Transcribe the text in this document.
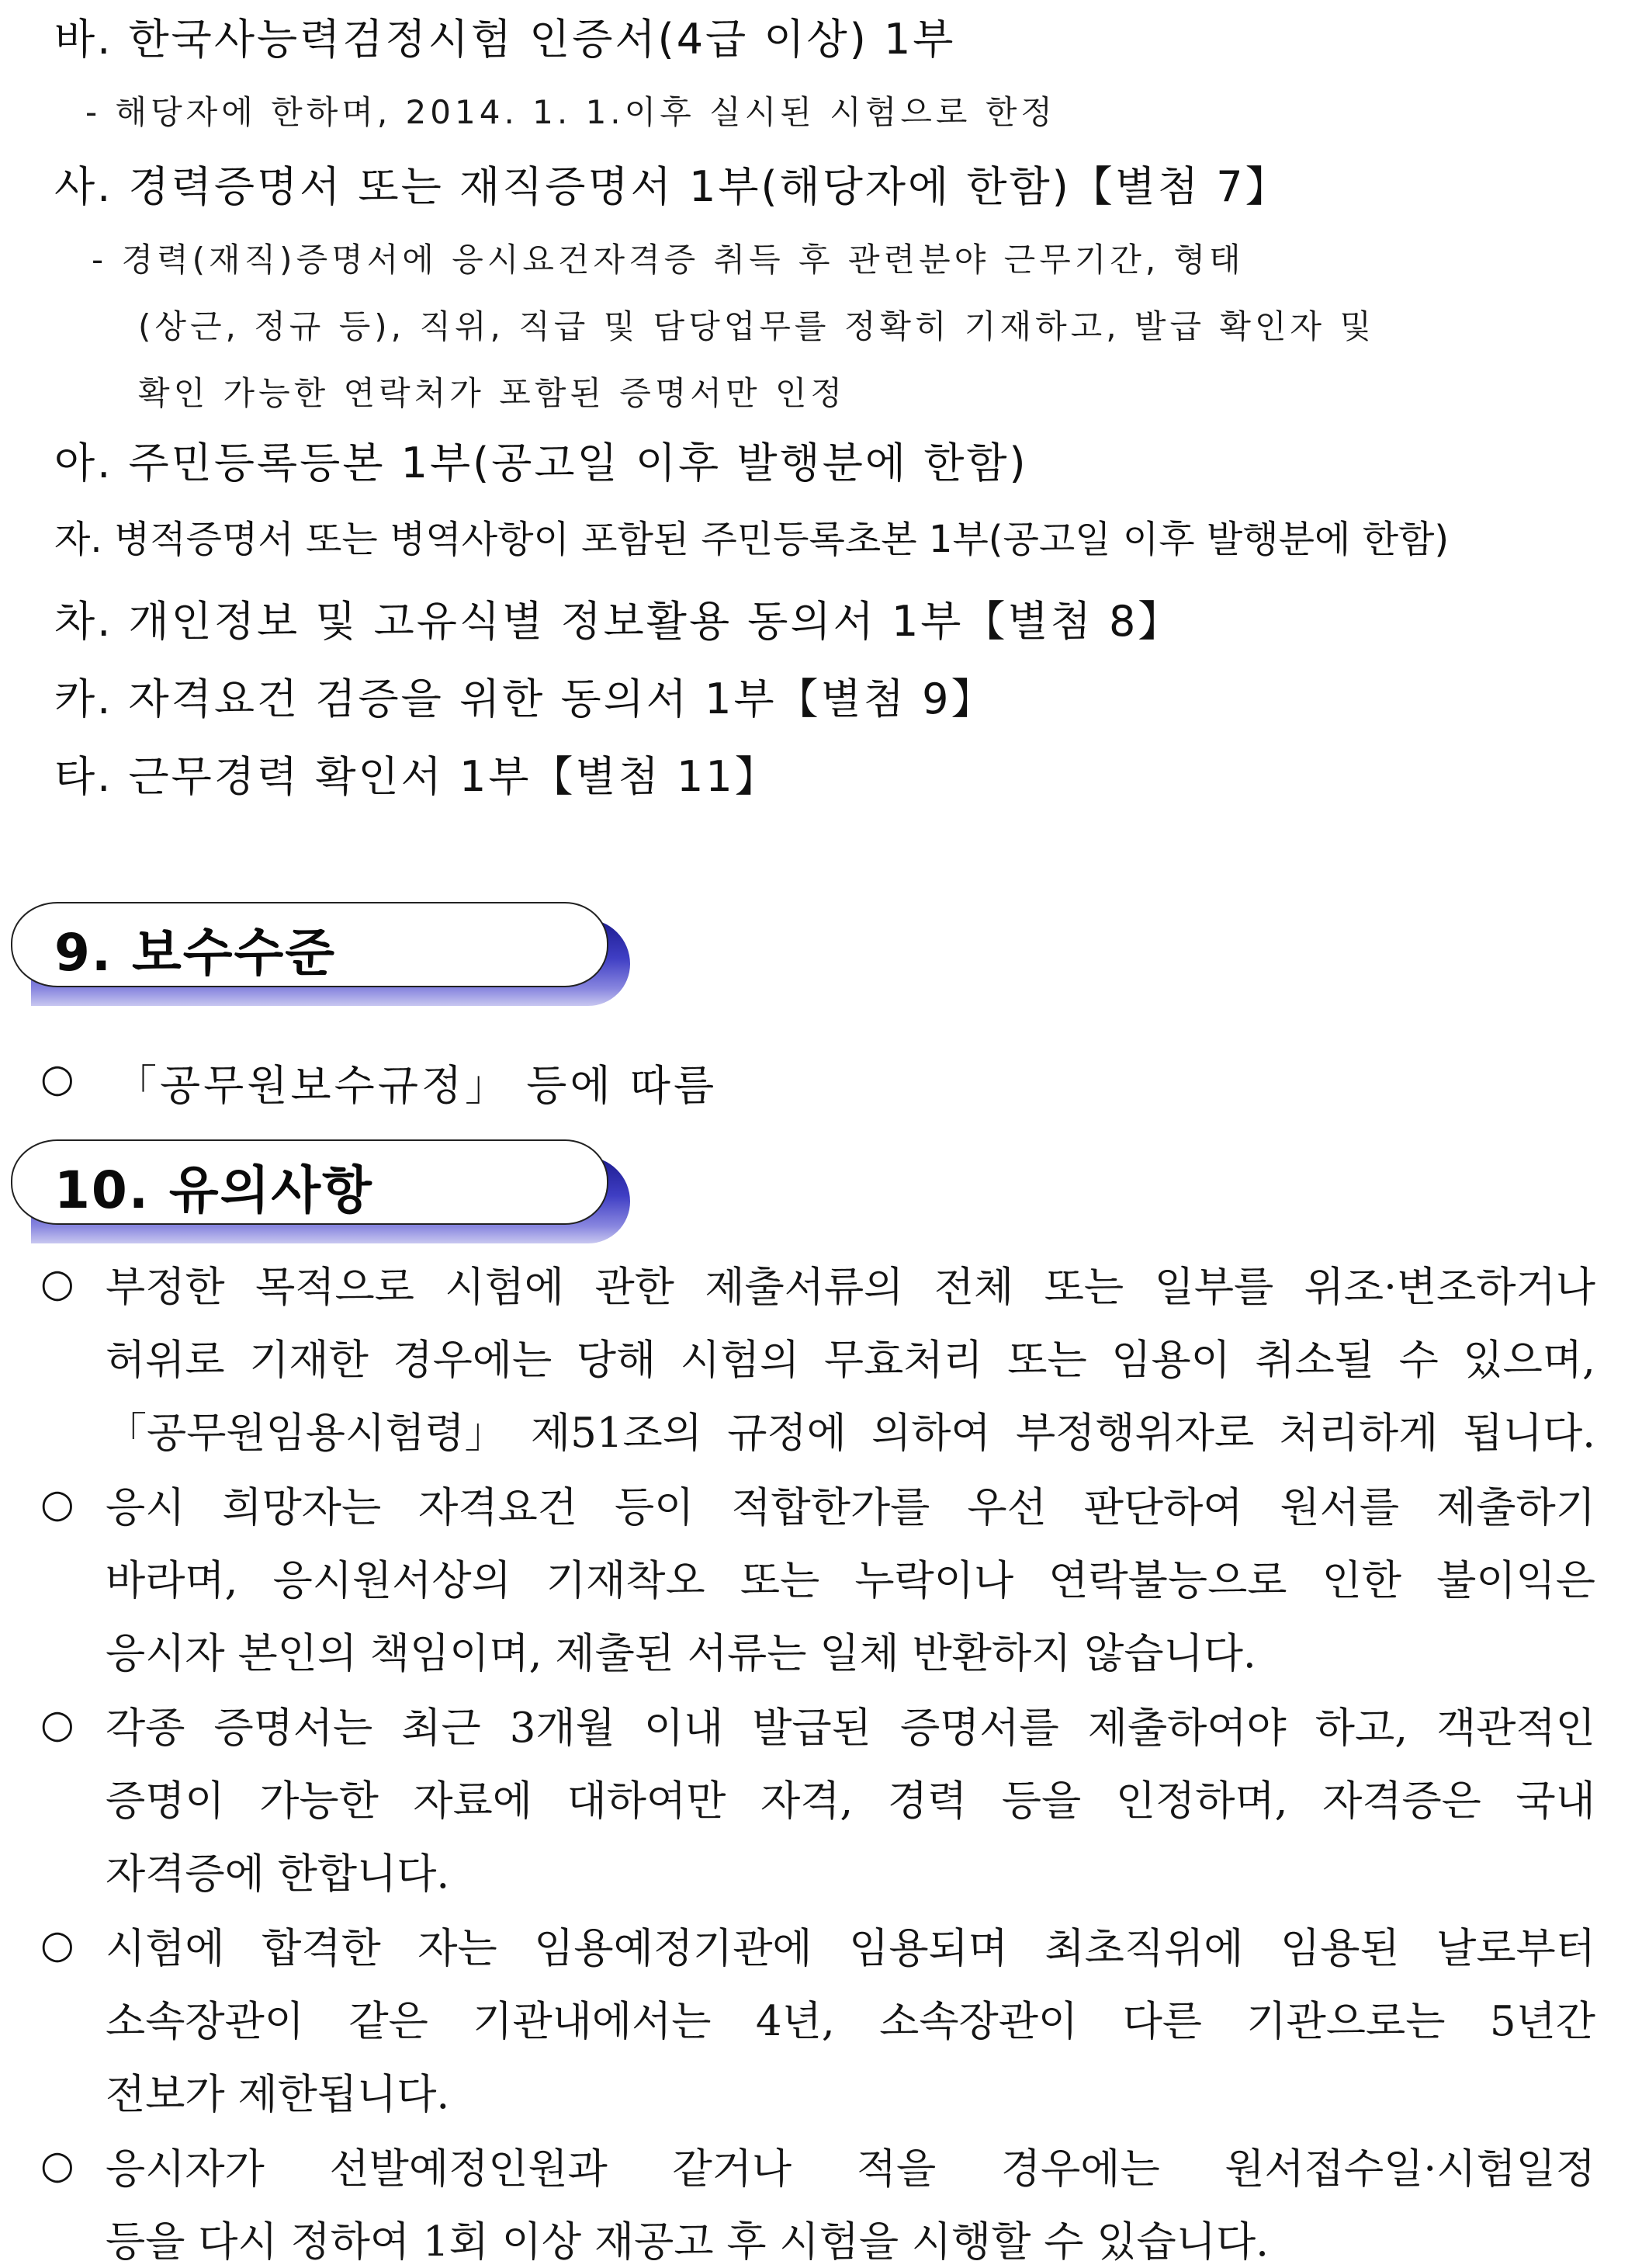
바. 한국사능력검정시험 인증서(4급 이상) 1부
- 해당자에 한하며, 2014. 1. 1.이후 실시된 시험으로 한정
사. 경력증명서 또는 재직증명서 1부(해당자에 한함)【별첨 7】
- 경력(재직)증명서에 응시요건자격증 취득 후 관련분야 근무기간, 형태
(상근, 정규 등), 직위, 직급 및 담당업무를 정확히 기재하고, 발급 확인자 및
확인 가능한 연락처가 포함된 증명서만 인정
아. 주민등록등본 1부(공고일 이후 발행분에 한함)
자. 병적증명서 또는 병역사항이 포함된 주민등록초본 1부(공고일 이후 발행분에 한함)
차. 개인정보 및 고유식별 정보활용 동의서 1부【별첨 8】
카. 자격요건 검증을 위한 동의서 1부【별첨 9】
타. 근무경력 확인서 1부【별첨 11】
9. 보수수준
○ 「공무원보수규정」 등에 따름
10. 유의사항
○ 부정한 목적으로 시험에 관한 제출서류의 전체 또는 일부를 위조·변조하거나
허위로 기재한 경우에는 당해 시험의 무효처리 또는 임용이 취소될 수 있으며,
「공무원임용시험령」 제51조의 규정에 의하여 부정행위자로 처리하게 됩니다.
○ 응시 희망자는 자격요건 등이 적합한가를 우선 판단하여 원서를 제출하기
바라며, 응시원서상의 기재착오 또는 누락이나 연락불능으로 인한 불이익은
응시자 본인의 책임이며, 제출된 서류는 일체 반환하지 않습니다.
○ 각종 증명서는 최근 3개월 이내 발급된 증명서를 제출하여야 하고, 객관적인
증명이 가능한 자료에 대하여만 자격, 경력 등을 인정하며, 자격증은 국내
자격증에 한합니다.
○ 시험에 합격한 자는 임용예정기관에 임용되며 최초직위에 임용된 날로부터
소속장관이 같은 기관내에서는 4년, 소속장관이 다른 기관으로는 5년간
전보가 제한됩니다.
○ 응시자가 선발예정인원과 같거나 적을 경우에는 원서접수일·시험일정
등을 다시 정하여 1회 이상 재공고 후 시험을 시행할 수 있습니다.
